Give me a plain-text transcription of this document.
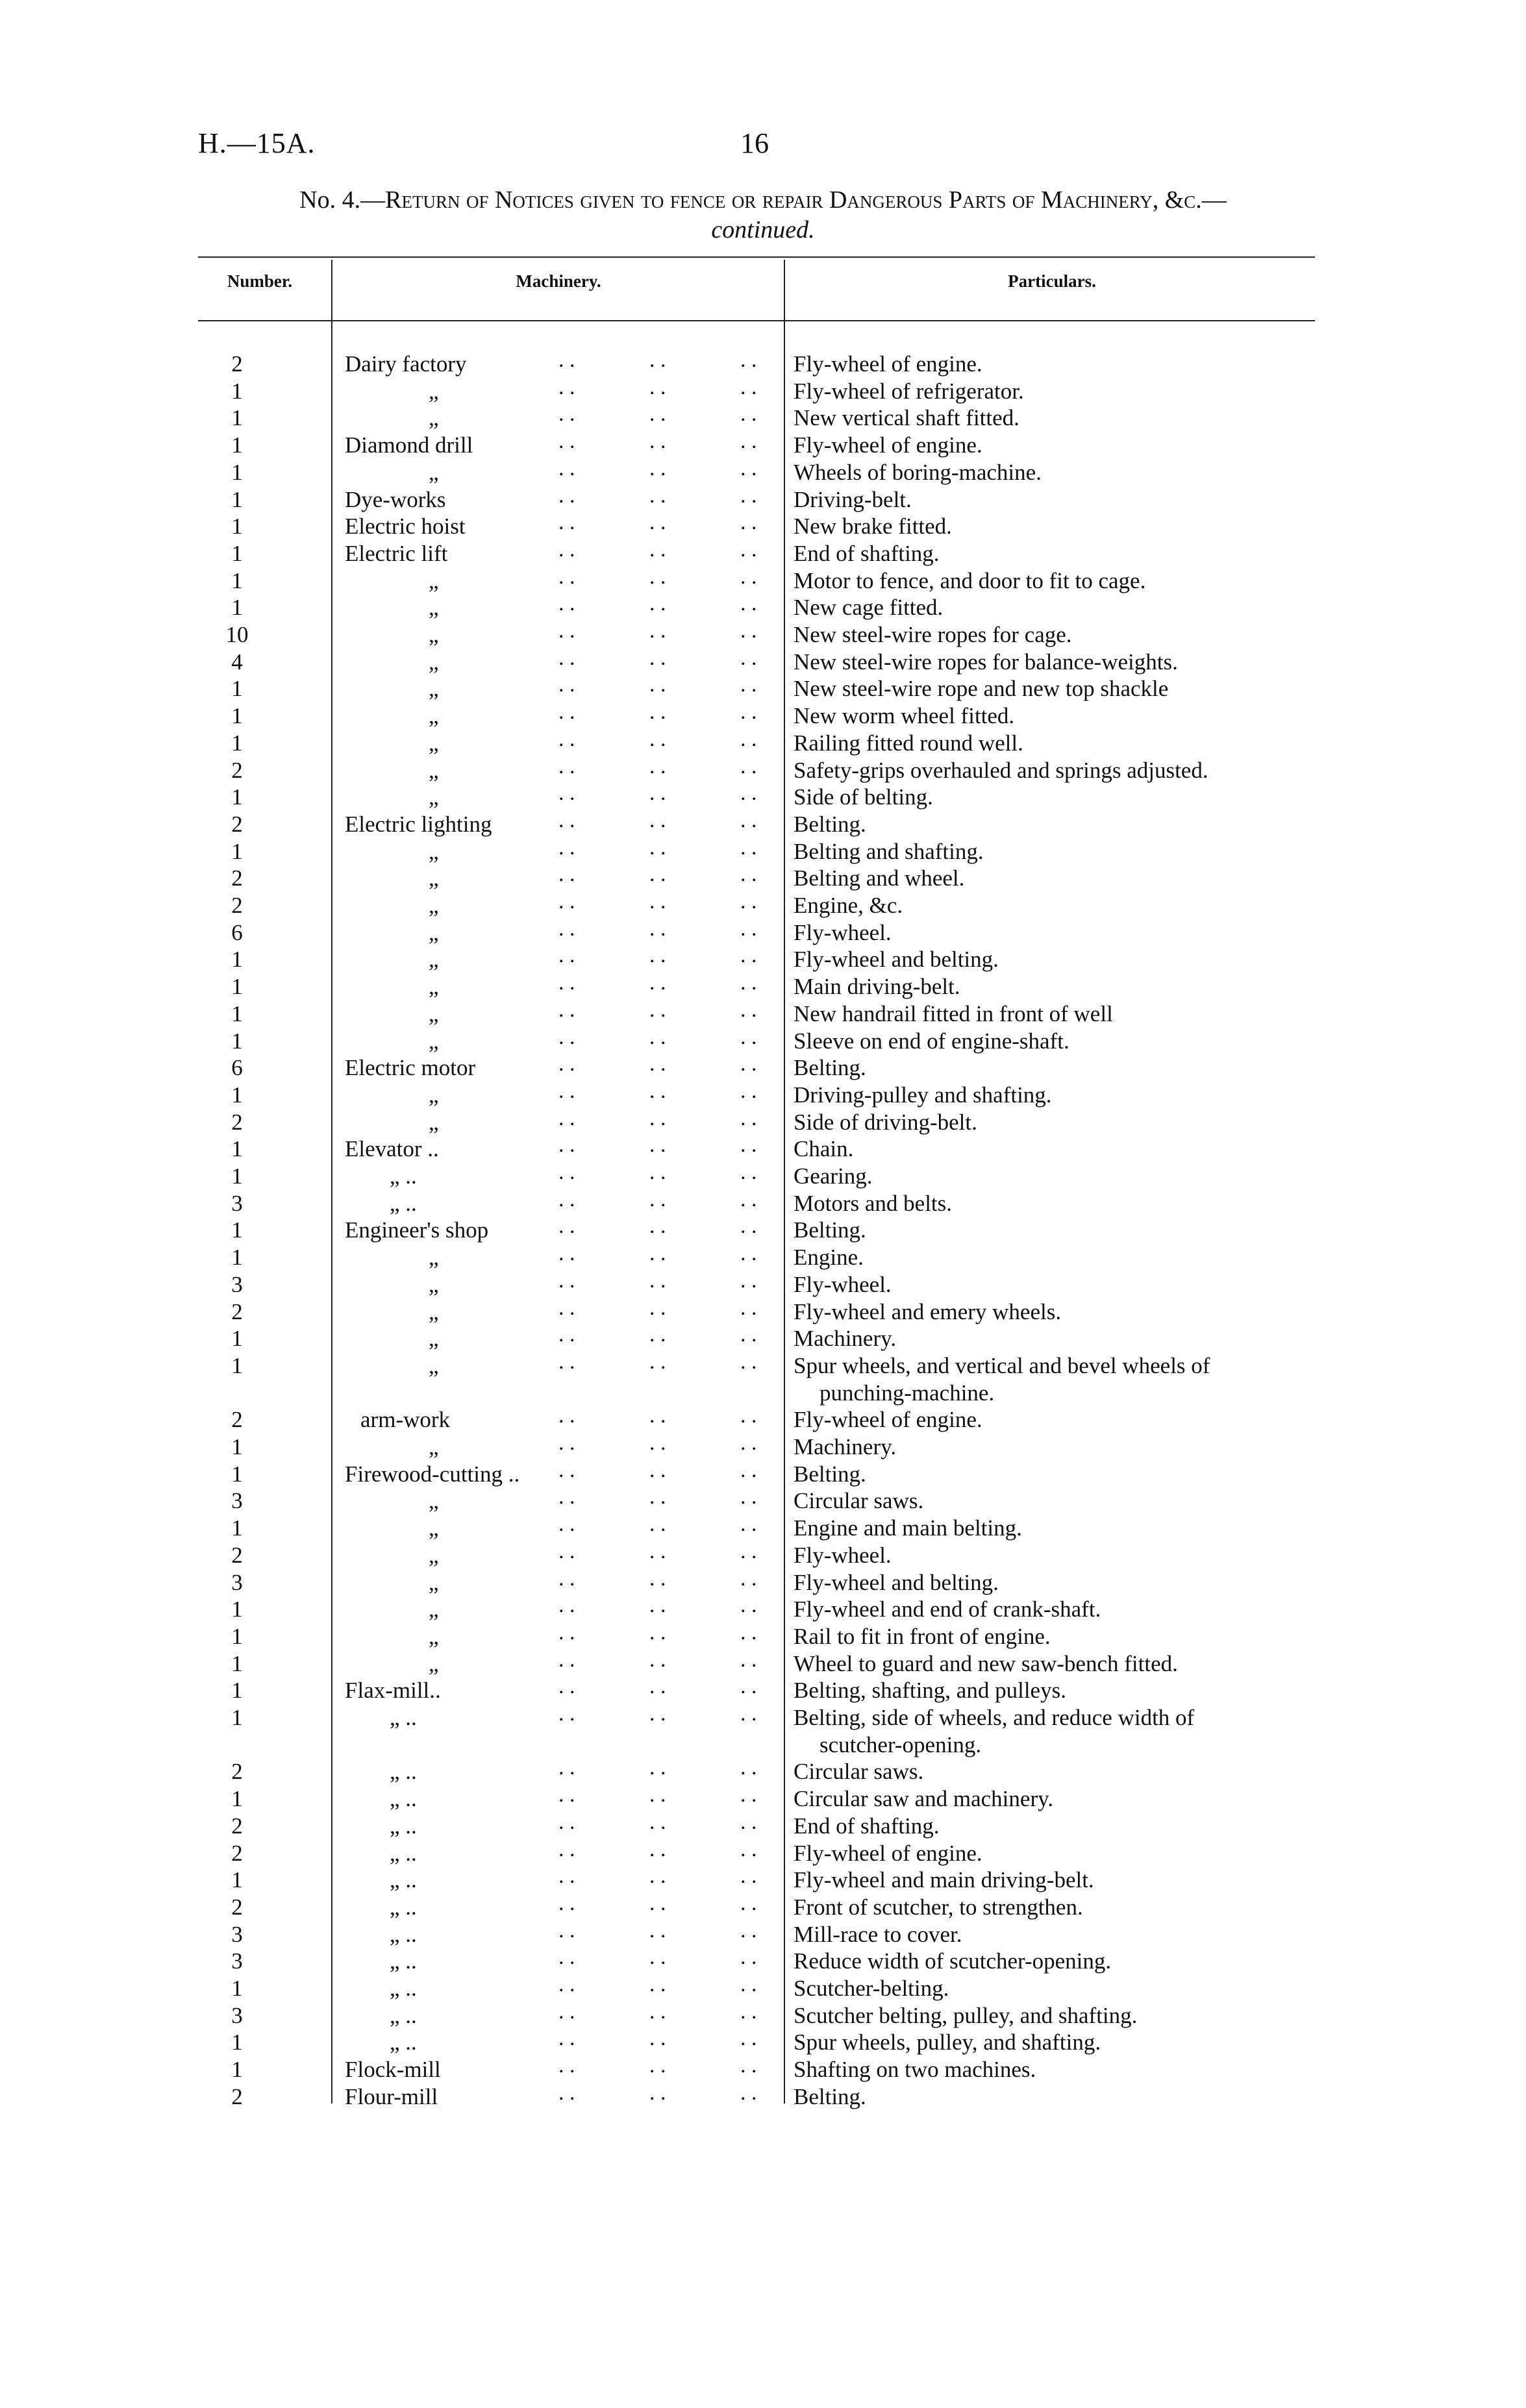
H.—15A.	16
No. 4.—Return of Notices given to fence or repair Dangerous Parts of Machinery, &c.—
continued.
Number.	Machinery.	Particulars.
2	Dairy factory	. .	. .	. . Fly-wheel of engine.
1	„	. .	. .	. . Fly-wheel of refrigerator.
1	„	. .	. .	. . New vertical shaft fitted.
1	Diamond drill	. .	. .	. . Fly-wheel of engine.
1	„	. .	. .	. . Wheels of boring-machine.
1	Dye-works	. .	. .	. . Driving-belt.
1	Electric hoist	. .	. .	. . New brake fitted.
1	Electric lift	. .	. .	. . End of shafting.
1	„	. .	. .	. . Motor to fence, and door to fit to cage.
1	„	. .	. .	. . New cage fitted.
10	„	. .	. .	. . New steel-wire ropes for cage.
4	„	. .	. .	. . New steel-wire ropes for balance-weights.
1	„	. .	. .	. . New steel-wire rope and new top shackle
1	„	. .	. .	. . New worm wheel fitted.
1	„	. .	. .	. . Railing fitted round well.
2	„	. .	. .	. . Safety-grips overhauled and springs adjusted.
1	„	. .	. .	. . Side of belting.
2	Electric lighting	. .	. .	. . Belting.
1	„	. .	. .	. . Belting and shafting.
2	„	. .	. .	. . Belting and wheel.
2	„	. .	. .	. . Engine, &c.
6	„	. .	. .	. . Fly-wheel.
1	„	. .	. .	. . Fly-wheel and belting.
1	„	. .	. .	. . Main driving-belt.
1	„	. .	. .	. . New handrail fitted in front of well
1	„	. .	. .	. . Sleeve on end of engine-shaft.
6	Electric motor	. .	. .	. . Belting.
1	„	. .	. .	. . Driving-pulley and shafting.
2	„	. .	. .	. . Side of driving-belt.
1	Elevator ..	. .	. .	. . Chain.
1	„ ..	. .	. .	. . Gearing.
3	„ ..	. .	. .	. . Motors and belts.
1	Engineer's shop	. .	. .	. . Belting.
1	„	. .	. .	. . Engine.
3	„	. .	. .	. . Fly-wheel.
2	„	. .	. .	. . Fly-wheel and emery wheels.
1	„	. .	. .	. . Machinery.
1	„	. .	. .	. . Spur wheels, and vertical and bevel wheels of
punching-machine.
2	arm-work	. .	. .	. . Fly-wheel of engine.
1	„	. .	. .	. . Machinery.
1	Firewood-cutting .. . .	. .	. . Belting.
3	„	. .	. .	. . Circular saws.
1	„	. .	. .	. . Engine and main belting.
2	„	. .	. .	. . Fly-wheel.
3	„	. .	. .	. . Fly-wheel and belting.
1	„	. .	. .	. . Fly-wheel and end of crank-shaft.
1	„	. .	. .	. . Rail to fit in front of engine.
1	„	. .	. .	. . Wheel to guard and new saw-bench fitted.
1	Flax-mill..	. .	. .	. . Belting, shafting, and pulleys.
1	„ ..	. .	. .	. . Belting, side of wheels, and reduce width of
scutcher-opening.
2	„ ..	. .	. .	. . Circular saws.
1	„ ..	. .	. .	. . Circular saw and machinery.
2	„ ..	. .	. .	. . End of shafting.
2	„ ..	. .	. .	. . Fly-wheel of engine.
1	„ ..	. .	. .	. . Fly-wheel and main driving-belt.
2	„ ..	. .	. .	. . Front of scutcher, to strengthen.
3	„ ..	. .	. .	. . Mill-race to cover.
3	„ ..	. .	. .	. . Reduce width of scutcher-opening.
1	„ ..	. .	. .	. . Scutcher-belting.
3	„ ..	. .	. .	. . Scutcher belting, pulley, and shafting.
1	„ ..	. .	. .	. . Spur wheels, pulley, and shafting.
1	Flock-mill	. .	. .	. . Shafting on two machines.
2	Flour-mill	. .	. .	. . Belting.
